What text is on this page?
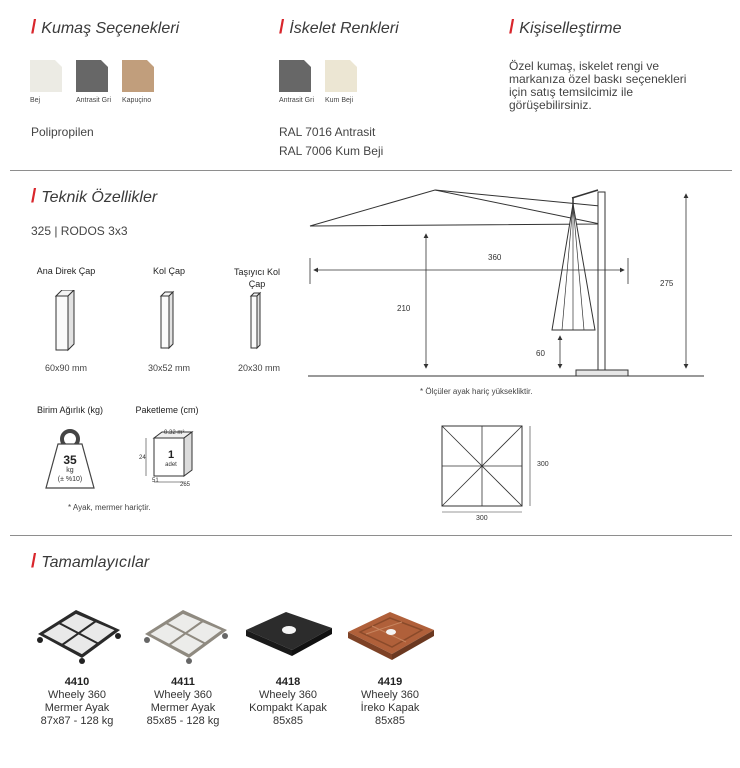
/ Kumaş Seçenekleri
Bej	Antrasit Gri Kapuçino
Polipropilen
/ İskelet Renkleri
Antrasit Gri Kum Beji
RAL 7016 Antrasit
RAL 7006 Kum Beji
/ Kişiselleştirme
Özel kumaş, iskelet rengi ve markanıza özel baskı seçenekleri için satış temsilcimiz ile görüşebilirsiniz.
/ Teknik Özellikler
325 | RODOS 3x3
Ana Direk Çap	Kol Çap	Taşıyıcı Kol Çap
60x90 mm	30x52 mm	20x30 mm
Birim Ağırlık (kg)
35
kg
(± %10)
* Ayak, mermer hariçtir.
Paketleme (cm)
0.32 m³
1
adet
24
51
265
360
210
275
60
* Ölçüler ayak hariç yüksekliktir.
300
300
/ Tamamlayıcılar
4410
Wheely 360
Mermer Ayak
87x87 - 128 kg
4411
Wheely 360
Mermer Ayak
85x85 - 128 kg
4418
Wheely 360
Kompakt Kapak
85x85
4419
Wheely 360
İreko Kapak
85x85
